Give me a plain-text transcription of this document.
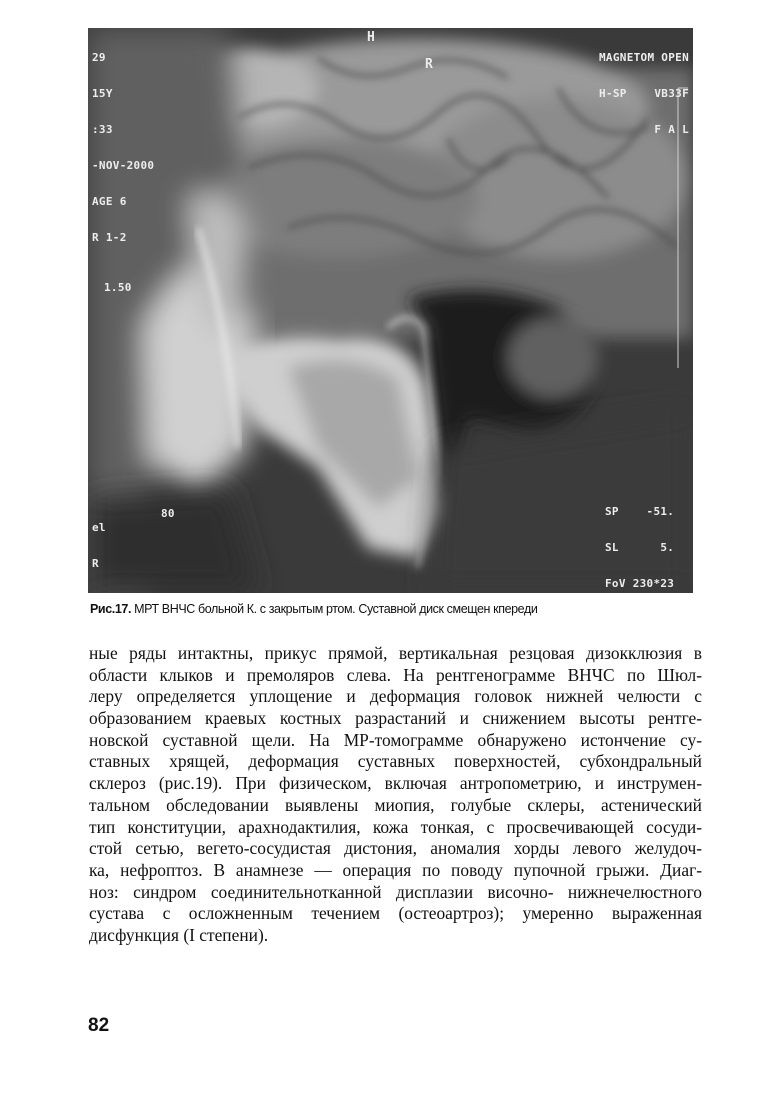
29

15Y

:33

-NOV-2000

AGE 6

R 1-2

1.50

H
R

	MAGNETOM OPEN

H-SP    VB33F

F A L

el

R

80

	SP    -51.

SL      5.

FoV 230*23

Рис.17. МРТ ВНЧС больной К. с закрытым ртом. Суставной диск смещен кпереди
ные ряды интактны, прикус прямой, вертикальная резцовая дизокклюзия в
области клыков и премоляров слева. На рентгенограмме ВНЧС по Шюл-
леру определяется уплощение и деформация головок нижней челюсти с
образованием краевых костных разрастаний и снижением высоты рентге-
новской суставной щели. На МР-томограмме обнаружено истончение су-
ставных хрящей, деформация суставных поверхностей, субхондральный
склероз (рис.19). При физическом, включая антропометрию, и инструмен-
тальном обследовании выявлены миопия, голубые склеры, астенический
тип конституции, арахнодактилия, кожа тонкая, с просвечивающей сосуди-
стой сетью, вегето-сосудистая дистония, аномалия хорды левого желудоч-
ка, нефроптоз. В анамнезе — операция по поводу пупочной грыжи. Диаг-
ноз: синдром соединительнотканной дисплазии височно- нижнечелюстного
сустава с осложненным течением (остеоартроз); умеренно выраженная
дисфункция (I степени).
82
